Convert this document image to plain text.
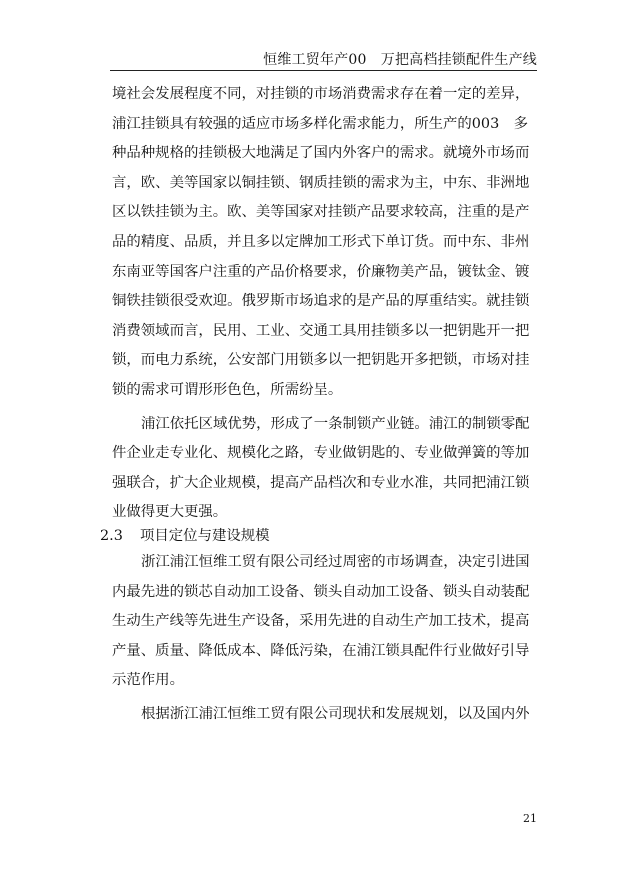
恒维工贸年产00　万把高档挂锁配件生产线

境社会发展程度不同，对挂锁的市场消费需求存在着一定的差异，浦江挂锁具有较强的适应市场多样化需求能力，所生产的003　多种品种规格的挂锁极大地满足了国内外客户的需求。就境外市场而言，欧、美等国家以铜挂锁、钢质挂锁的需求为主，中东、非洲地区以铁挂锁为主。欧、美等国家对挂锁产品要求较高，注重的是产品的精度、品质，并且多以定牌加工形式下单订货。而中东、非州东南亚等国客户注重的产品价格要求，价廉物美产品，镀钛金、镀铜铁挂锁很受欢迎。俄罗斯市场追求的是产品的厚重结实。就挂锁消费领域而言，民用、工业、交通工具用挂锁多以一把钥匙开一把锁，而电力系统，公安部门用锁多以一把钥匙开多把锁，市场对挂锁的需求可谓形形色色，所需纷呈。

浦江依托区域优势，形成了一条制锁产业链。浦江的制锁零配件企业走专业化、规模化之路，专业做钥匙的、专业做弹簧的等加强联合，扩大企业规模，提高产品档次和专业水准，共同把浦江锁业做得更大更强。

2.3 项目定位与建设规模

浙江浦江恒维工贸有限公司经过周密的市场调查，决定引进国内最先进的锁芯自动加工设备、锁头自动加工设备、锁头自动装配生动生产线等先进生产设备，采用先进的自动生产加工技术，提高产量、质量、降低成本、降低污染，在浦江锁具配件行业做好引导示范作用。

根据浙江浦江恒维工贸有限公司现状和发展规划，以及国内外

21
